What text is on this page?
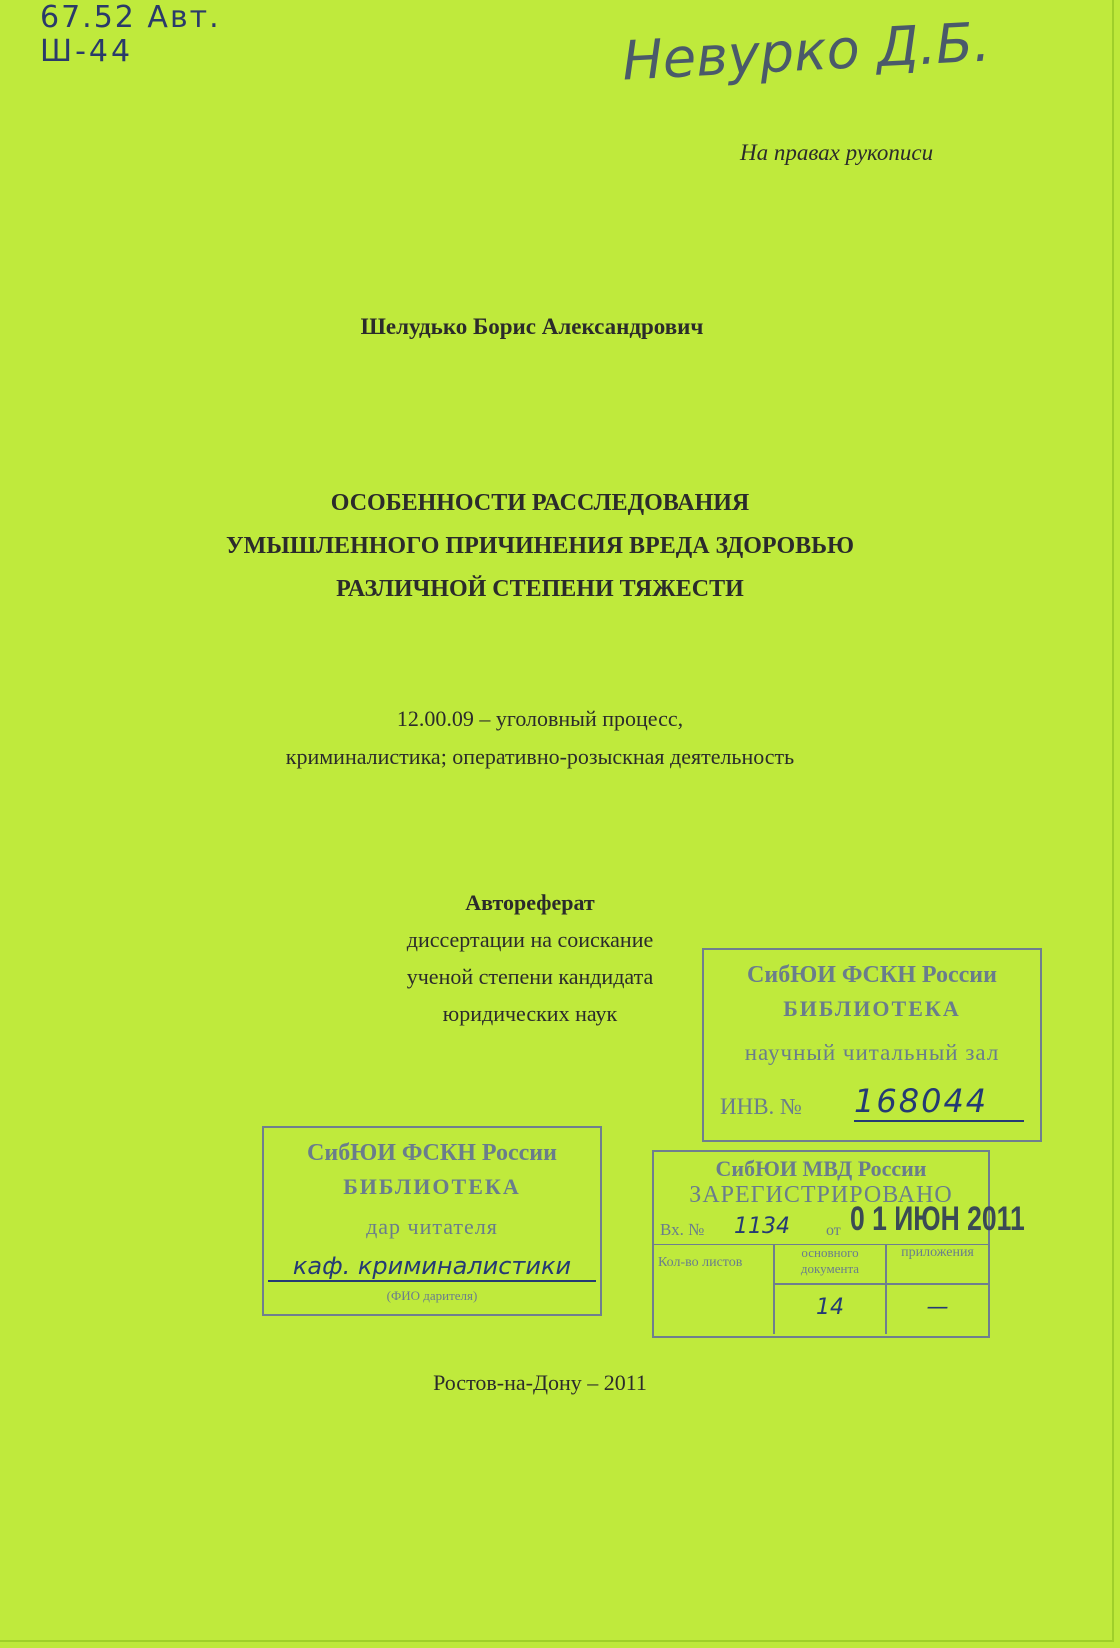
67.52 Авт.
Ш-44	Невурко Д.Б.
На правах рукописи
Шелудько Борис Александрович
ОСОБЕННОСТИ РАССЛЕДОВАНИЯ
УМЫШЛЕННОГО ПРИЧИНЕНИЯ ВРЕДА ЗДОРОВЬЮ
РАЗЛИЧНОЙ СТЕПЕНИ ТЯЖЕСТИ
12.00.09 – уголовный процесс,
криминалистика; оперативно-розыскная деятельность
Автореферат
диссертации на соискание
ученой степени кандидата
юридических наук
СибЮИ ФСКН России
БИБЛИОТЕКА
научный читальный зал
ИНВ. № 168044
СибЮИ ФСКН России
БИБЛИОТЕКА
дар читателя
каф. криминалистики
(ФИО дарителя)
СибЮИ МВД России
ЗАРЕГИСТРИРОВАНО
Вх. № 1134 от 0 1 ИЮН 2011
Кол-во листов
основного документа
приложения
14	—
Ростов-на-Дону – 2011
